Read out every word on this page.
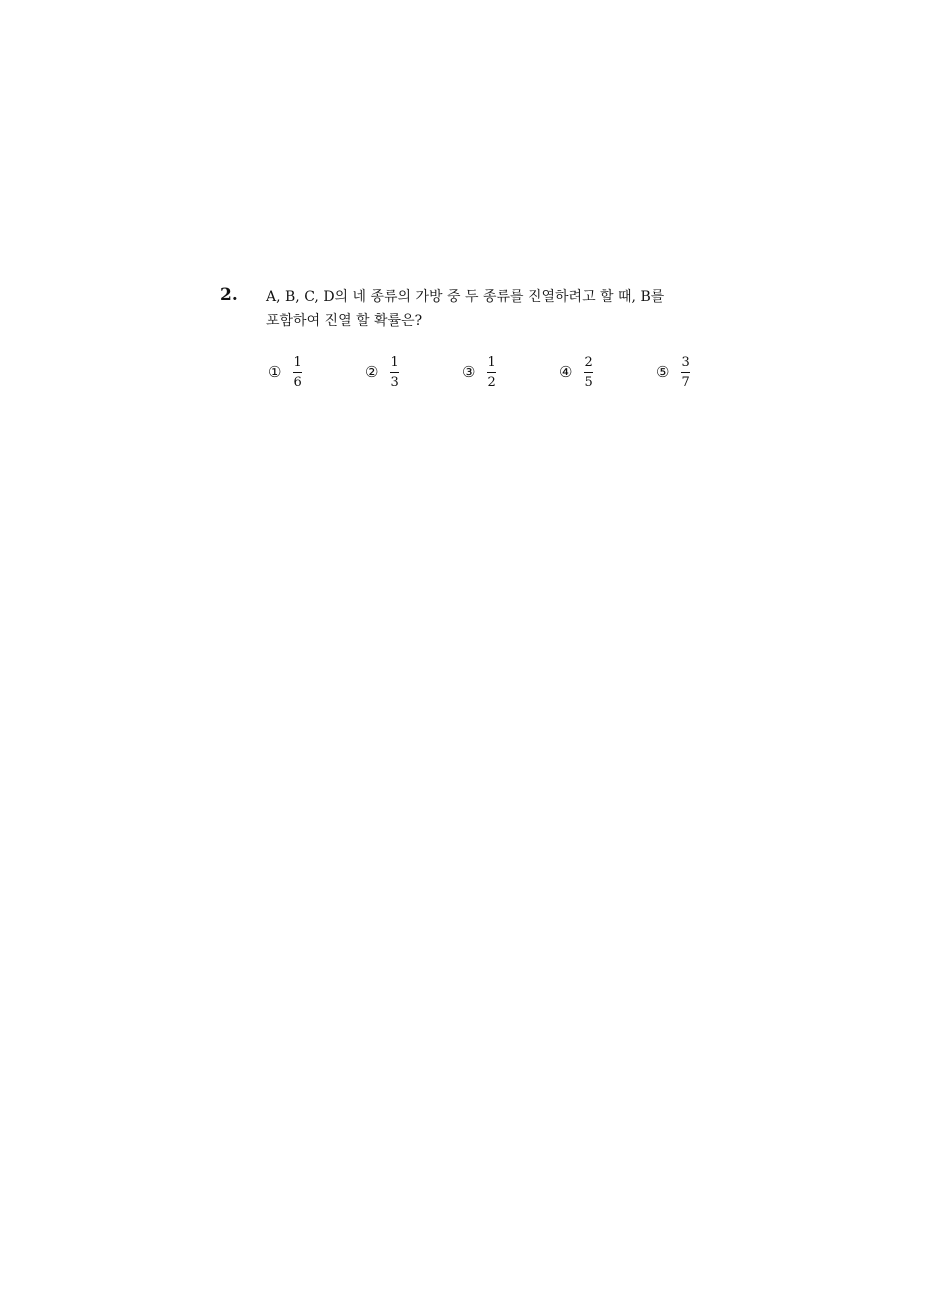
2. A, B, C, D의 네 종류의 가방 중 두 종류를 진열하려고 할 때, B를
포함하여 진열 할 확률은?
① $\frac{1}{6}$	② $\frac{1}{3}$	③ $\frac{1}{2}$	④ $\frac{2}{5}$	⑤ $\frac{3}{7}$
